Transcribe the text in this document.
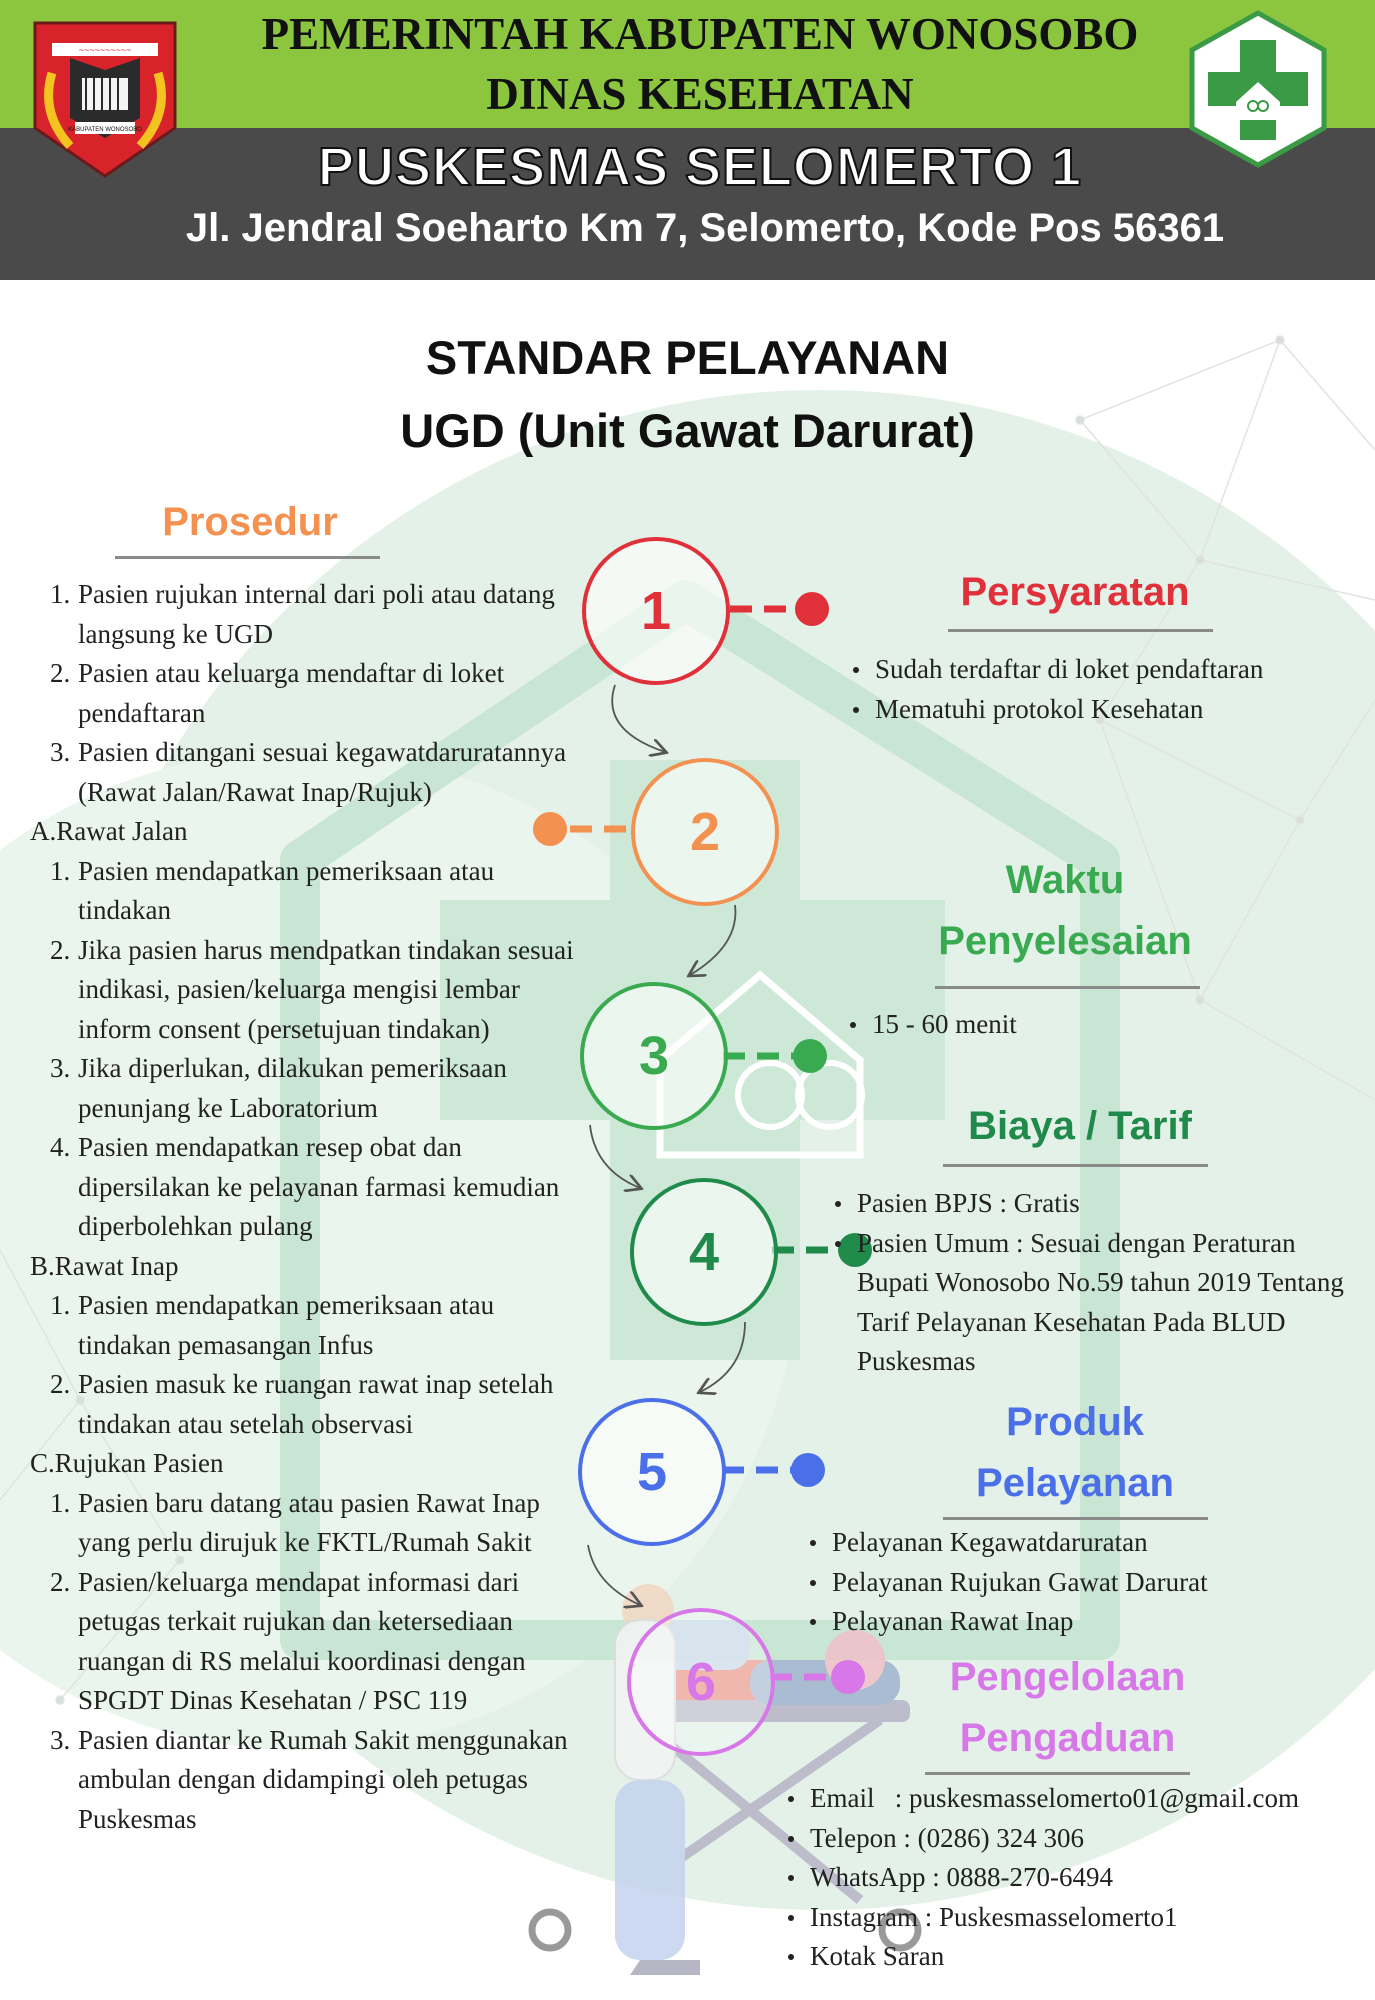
~~~~~~~~~~
KABUPATEN WONOSOBO
PEMERINTAH KABUPATEN WONOSOBO
DINAS KESEHATAN
PUSKESMAS SELOMERTO 1
Jl. Jendral Soeharto Km 7, Selomerto, Kode Pos 56361
STANDAR PELAYANAN
UGD (Unit Gawat Darurat)
Prosedur
1. Pasien rujukan internal dari poli atau datang langsung ke UGD
2. Pasien atau keluarga mendaftar di loket pendaftaran
3. Pasien ditangani sesuai kegawatdaruratannya (Rawat Jalan/Rawat Inap/Rujuk)
A.Rawat Jalan
1. Pasien mendapatkan pemeriksaan atau tindakan
2. Jika pasien harus mendpatkan tindakan sesuai indikasi, pasien/keluarga mengisi lembar inform consent (persetujuan tindakan)
3. Jika diperlukan, dilakukan pemeriksaan penunjang ke Laboratorium
4. Pasien mendapatkan resep obat dan dipersilakan ke pelayanan farmasi kemudian diperbolehkan pulang
B.Rawat Inap
1. Pasien mendapatkan pemeriksaan atau tindakan pemasangan Infus
2. Pasien masuk ke ruangan rawat inap setelah tindakan atau setelah observasi
C.Rujukan Pasien
1. Pasien baru datang atau pasien Rawat Inap yang perlu dirujuk ke FKTL/Rumah Sakit
2. Pasien/keluarga mendapat informasi dari petugas terkait rujukan dan ketersediaan ruangan di RS melalui koordinasi dengan SPGDT Dinas Kesehatan / PSC 119
3. Pasien diantar ke Rumah Sakit menggunakan ambulan dengan didampingi oleh petugas Puskesmas
1
2
3
4
5
6
Persyaratan
Sudah terdaftar di loket pendaftaran
Mematuhi protokol Kesehatan
Waktu
Penyelesaian
15 - 60 menit
Biaya / Tarif
Pasien BPJS : Gratis
Pasien Umum : Sesuai dengan Peraturan Bupati Wonosobo No.59 tahun 2019 Tentang Tarif Pelayanan Kesehatan Pada BLUD Puskesmas
Produk
Pelayanan
Pelayanan Kegawatdaruratan
Pelayanan Rujukan Gawat Darurat
Pelayanan Rawat Inap
Pengelolaan
Pengaduan
Email   : puskesmasselomerto01@gmail.com
Telepon : (0286) 324 306
WhatsApp : 0888-270-6494
Instagram : Puskesmasselomerto1
Kotak Saran
